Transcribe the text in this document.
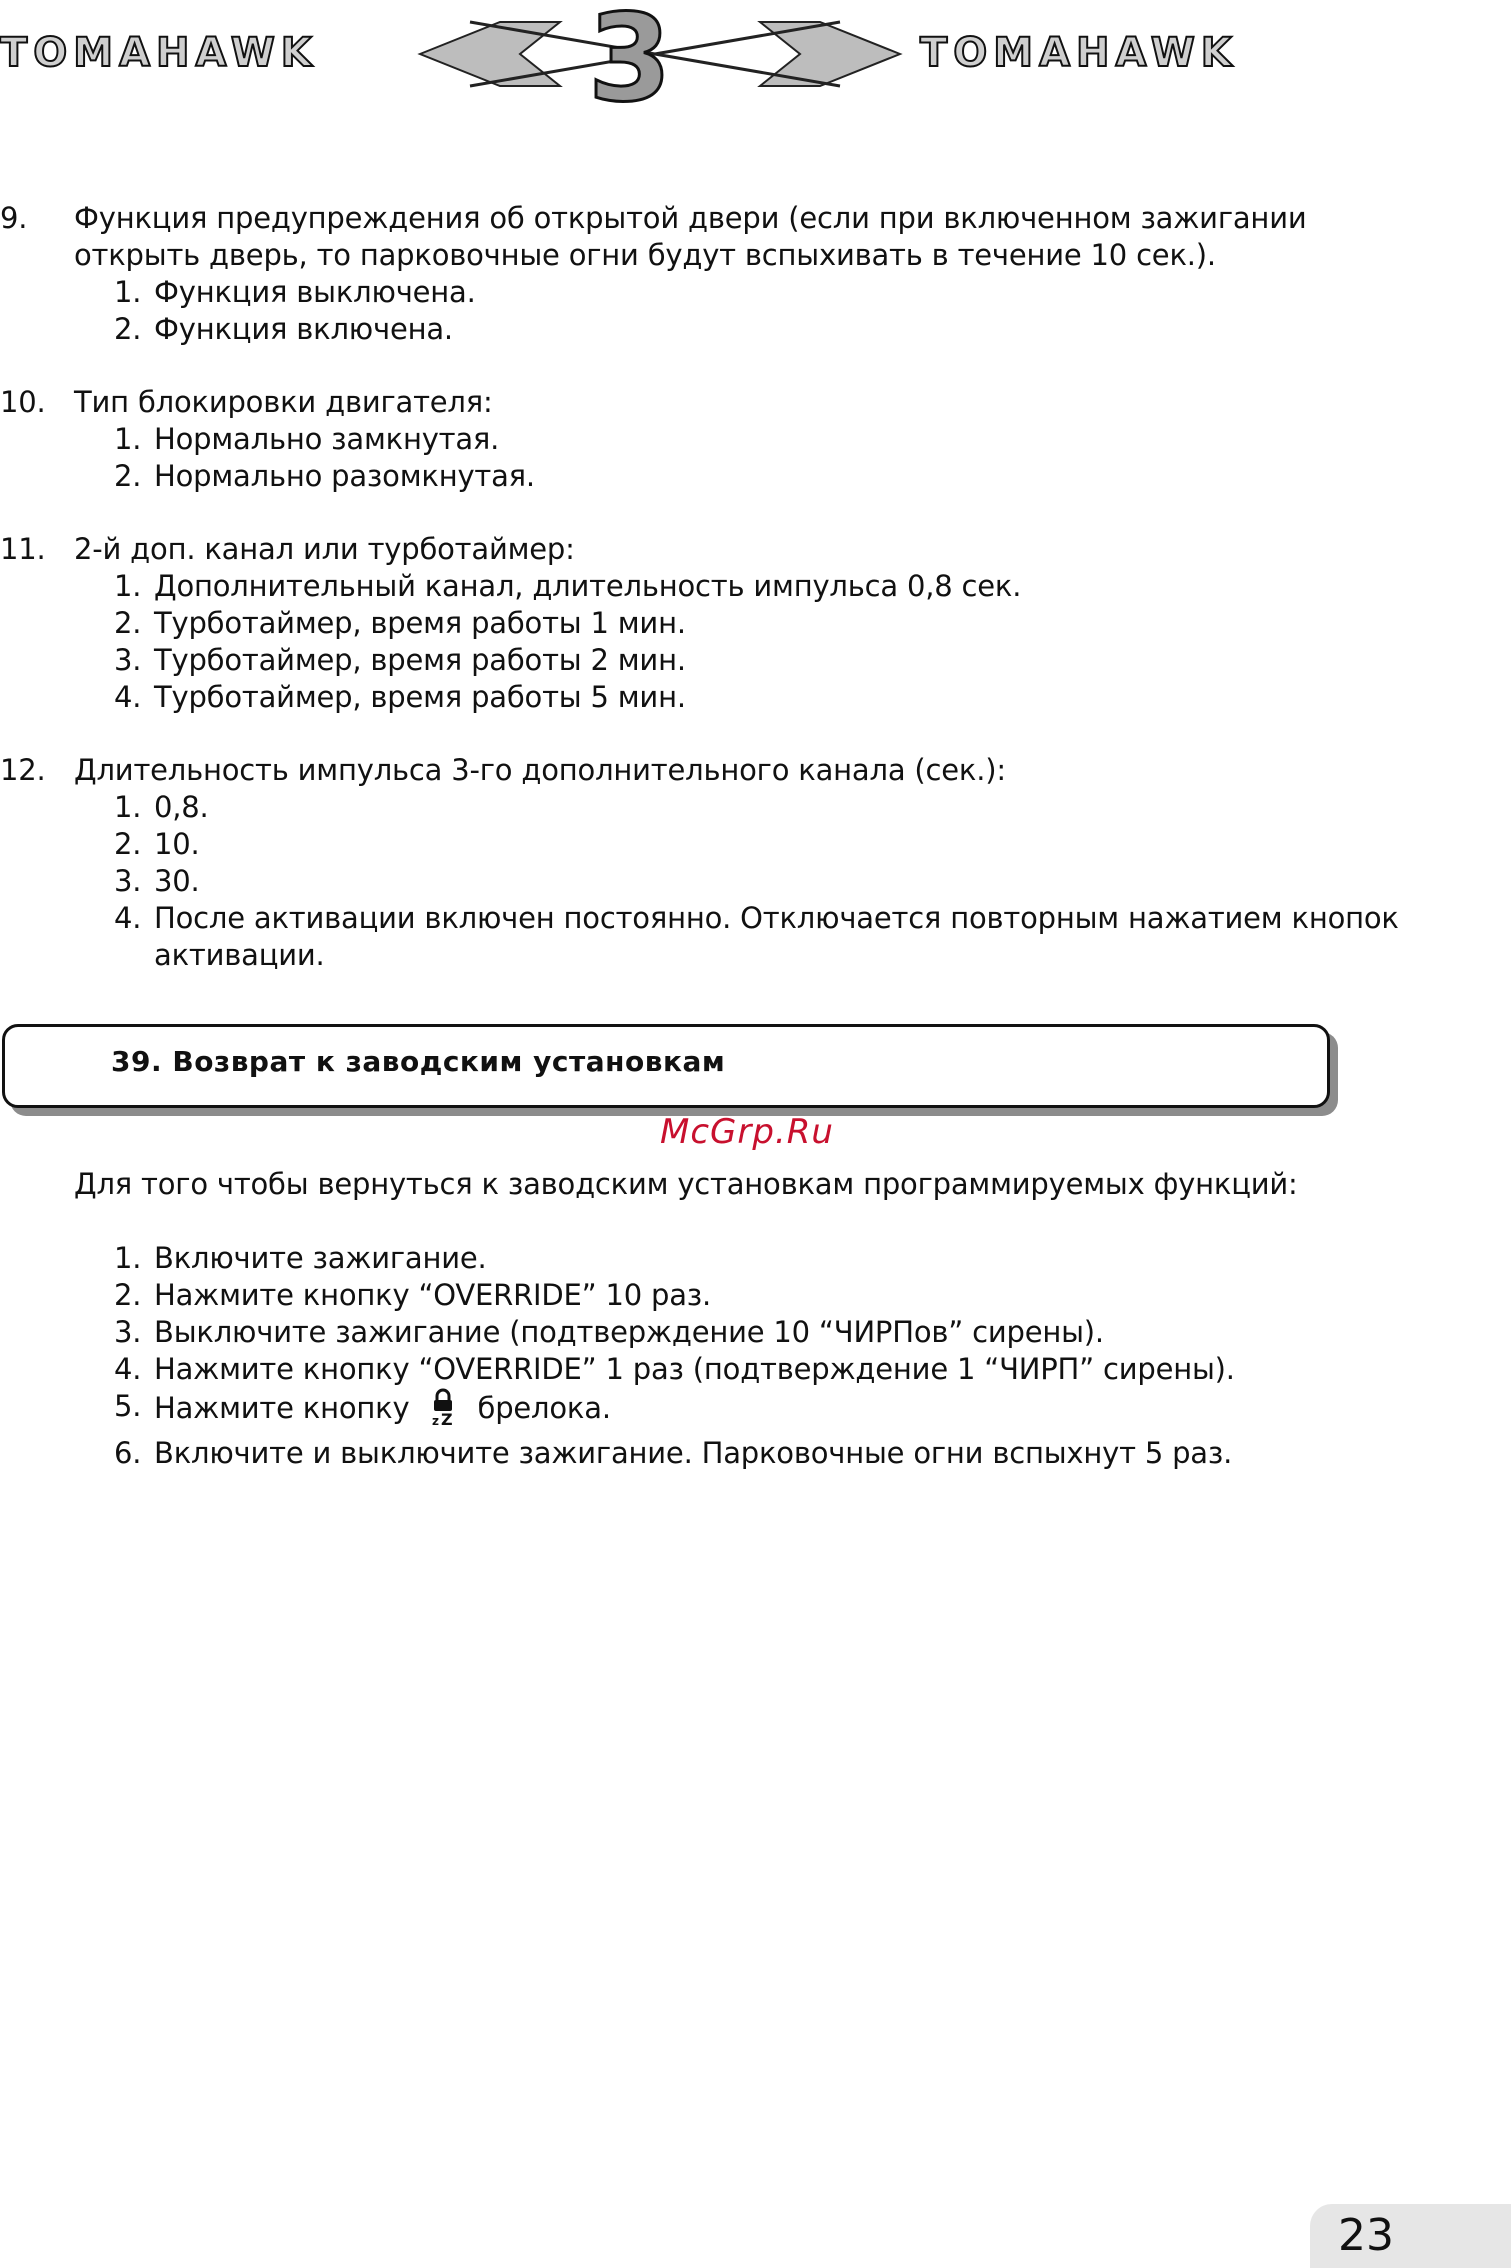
TOMAHAWK 3	TOMAHAWK
9.	Функция предупреждения об открытой двери (если при включенном зажигании открыть дверь, то парковочные огни будут вспыхивать в течение 10 сек.).
1. Функция выключена.
2. Функция включена.
10. Тип блокировки двигателя:
1. Нормально замкнутая.
2. Нормально разомкнутая.
11. 2-й доп. канал или турботаймер:
1. Дополнительный канал, длительность импульса 0,8 сек.
2. Турботаймер, время работы 1 мин.
3. Турботаймер, время работы 2 мин.
4. Турботаймер, время работы 5 мин.
12. Длительность импульса 3-го дополнительного канала (сек.):
1. 0,8.
2. 10.
3. 30.
4. После активации включен постоянно. Отключается повторным нажатием кнопок активации.
39. Возврат к заводским установкам
McGrp.Ru
Для того чтобы вернуться к заводским установкам программируемых функций:
1. Включите зажигание.
2. Нажмите кнопку “OVERRIDE” 10 раз.
3. Выключите зажигание (подтверждение 10 “ЧИРПов” сирены).
4. Нажмите кнопку “OVERRIDE” 1 раз (подтверждение 1 “ЧИРП” сирены).
5. Нажмите кнопку z Z брелока.
6. Включите и выключите зажигание. Парковочные огни вспыхнут 5 раз.
23
